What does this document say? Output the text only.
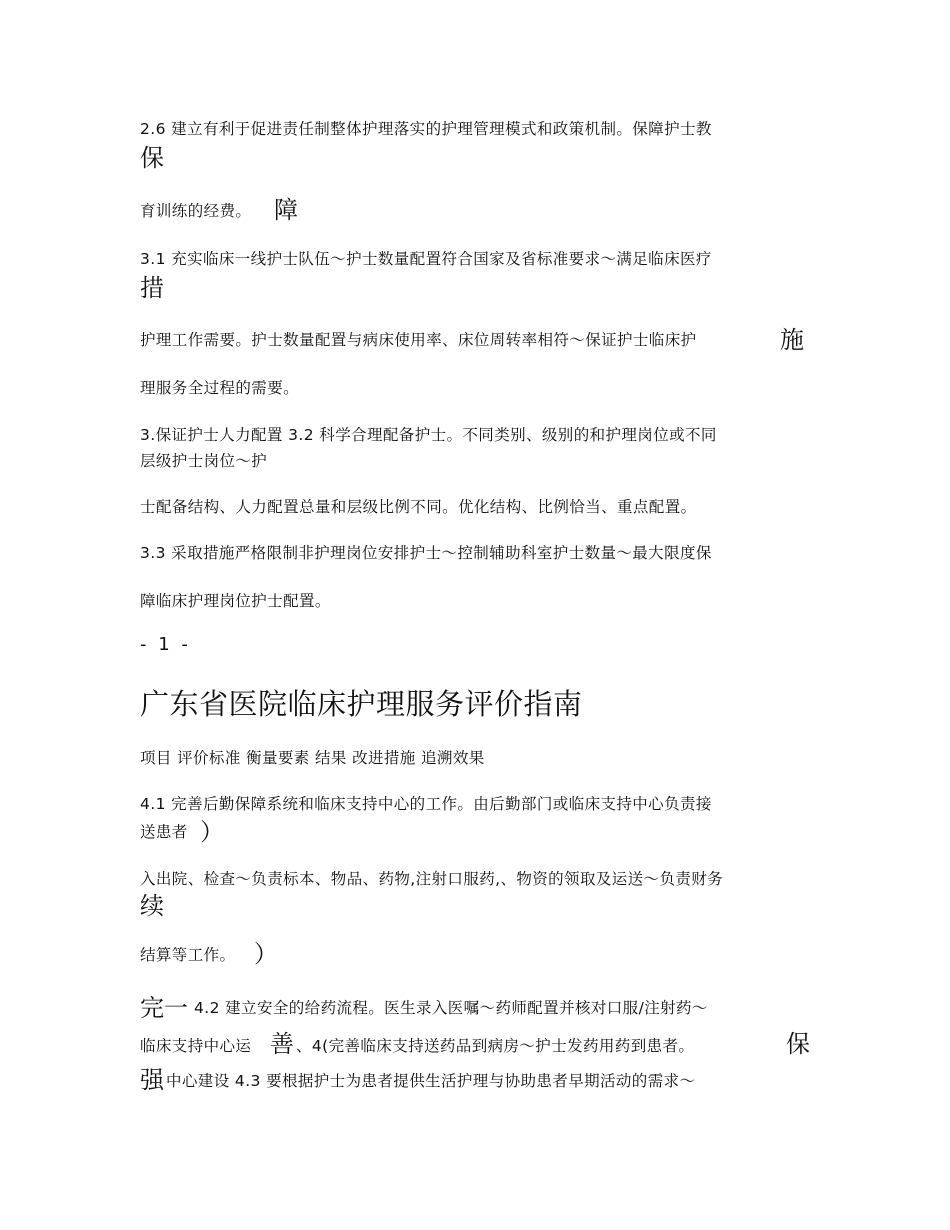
2.6 建立有利于促进责任制整体护理落实的护理管理模式和政策机制。保障护士教
保
育训练的经费。 障
3.1 充实临床一线护士队伍～护士数量配置符合国家及省标准要求～满足临床医疗
措
护理工作需要。护士数量配置与病床使用率、床位周转率相符～保证护士临床护	施
理服务全过程的需要。
3.保证护士人力配置 3.2 科学合理配备护士。不同类别、级别的和护理岗位或不同
层级护士岗位～护
士配备结构、人力配置总量和层级比例不同。优化结构、比例恰当、重点配置。
3.3 采取措施严格限制非护理岗位安排护士～控制辅助科室护士数量～最大限度保
障临床护理岗位护士配置。
- 1 -
广东省医院临床护理服务评价指南
项目 评价标准 衡量要素 结果 改进措施 追溯效果
4.1 完善后勤保障系统和临床支持中心的工作。由后勤部门或临床支持中心负责接
送患者 ）
入出院、检查～负责标本、物品、药物,注射口服药,、物资的领取及运送～负责财务
续
结算等工作。 ）
完一 4.2 建立安全的给药流程。医生录入医嘱～药师配置并核对口服/注射药～
临床支持中心运 善 、4(完善临床支持送药品到病房～护士发药用药到患者。	保
强 中心建设 4.3 要根据护士为患者提供生活护理与协助患者早期活动的需求～
